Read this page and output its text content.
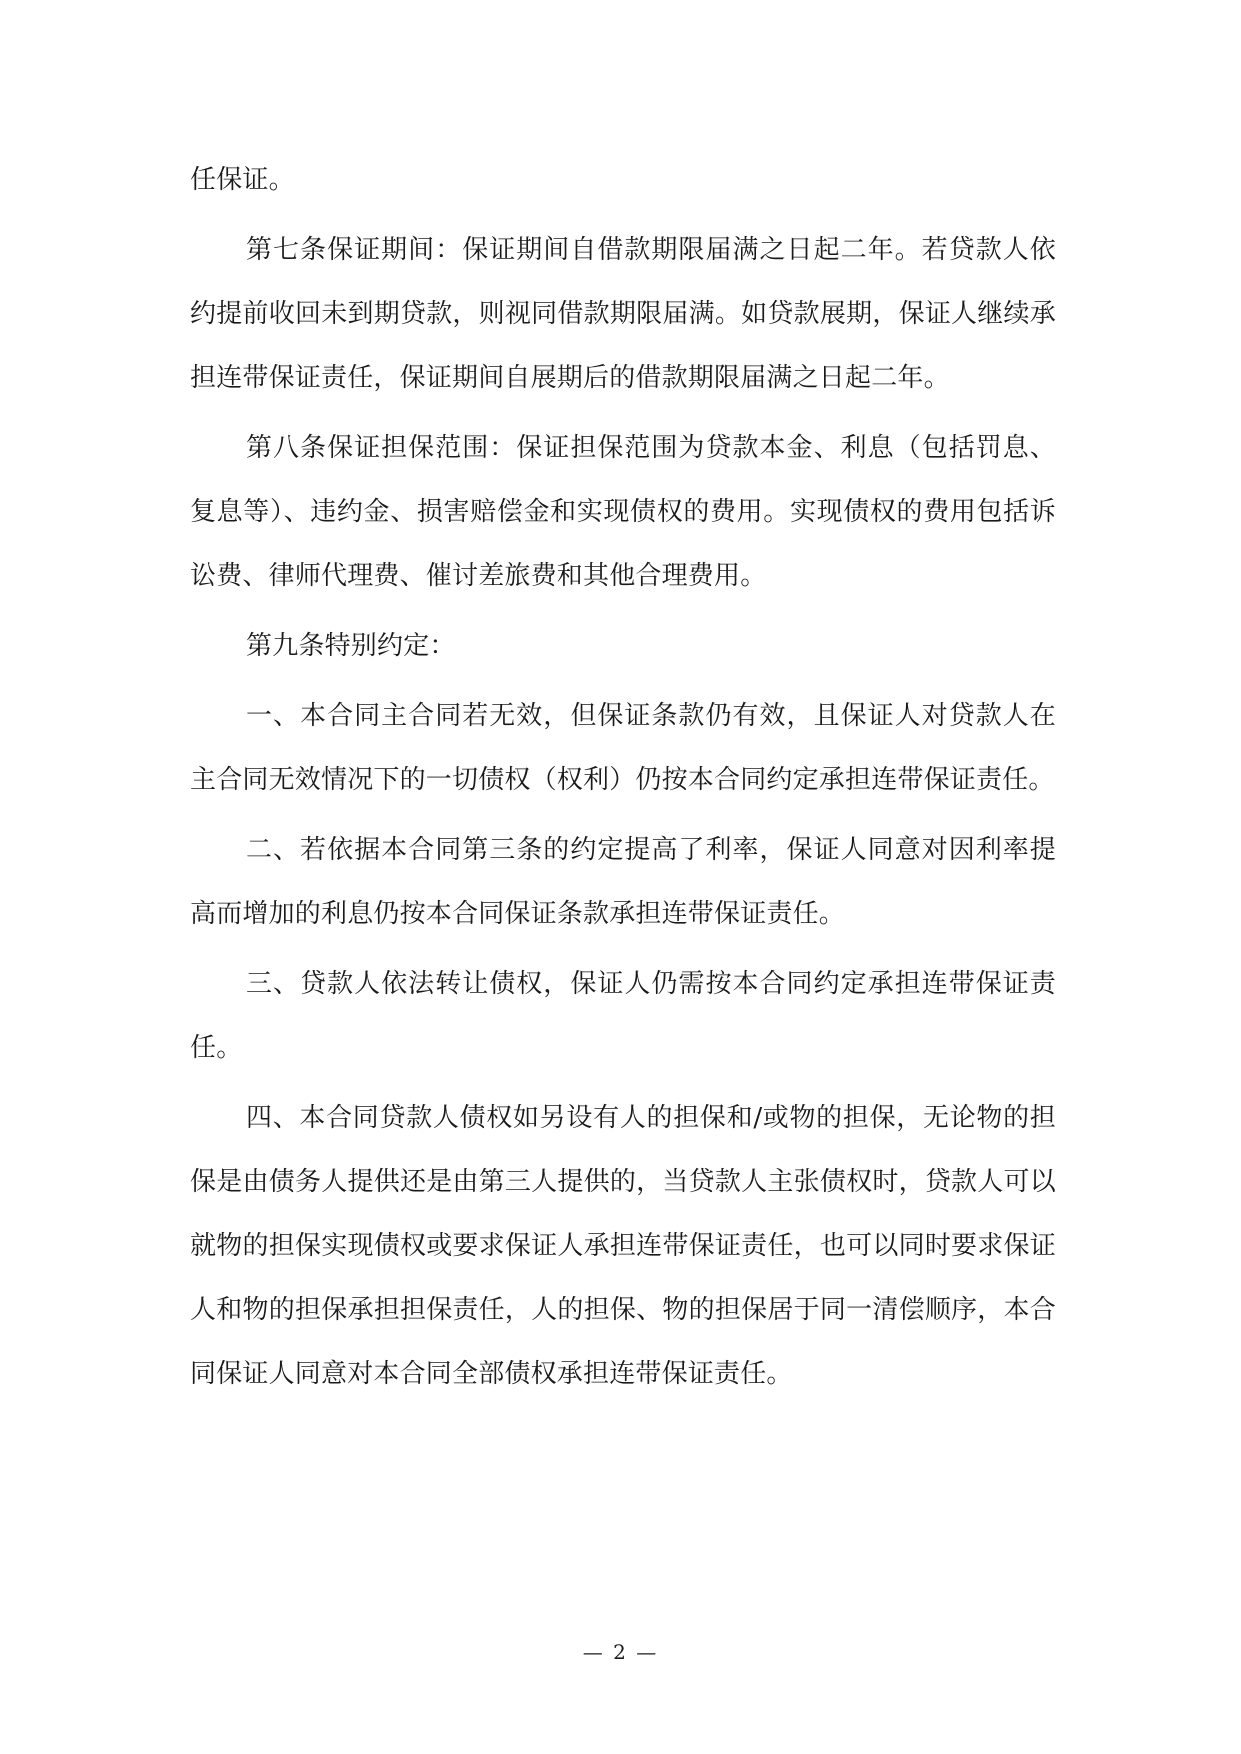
任保证。

第七条保证期间：保证期间自借款期限届满之日起二年。若贷款人依约提前收回未到期贷款，则视同借款期限届满。如贷款展期，保证人继续承担连带保证责任，保证期间自展期后的借款期限届满之日起二年。

第八条保证担保范围：保证担保范围为贷款本金、利息（包括罚息、复息等）、违约金、损害赔偿金和实现债权的费用。实现债权的费用包括诉讼费、律师代理费、催讨差旅费和其他合理费用。

第九条特别约定：

一、本合同主合同若无效，但保证条款仍有效，且保证人对贷款人在主合同无效情况下的一切债权（权利）仍按本合同约定承担连带保证责任。

二、若依据本合同第三条的约定提高了利率，保证人同意对因利率提高而增加的利息仍按本合同保证条款承担连带保证责任。

三、贷款人依法转让债权，保证人仍需按本合同约定承担连带保证责任。

四、本合同贷款人债权如另设有人的担保和/或物的担保，无论物的担保是由债务人提供还是由第三人提供的，当贷款人主张债权时，贷款人可以就物的担保实现债权或要求保证人承担连带保证责任，也可以同时要求保证人和物的担保承担担保责任，人的担保、物的担保居于同一清偿顺序，本合同保证人同意对本合同全部债权承担连带保证责任。

— 2 —
